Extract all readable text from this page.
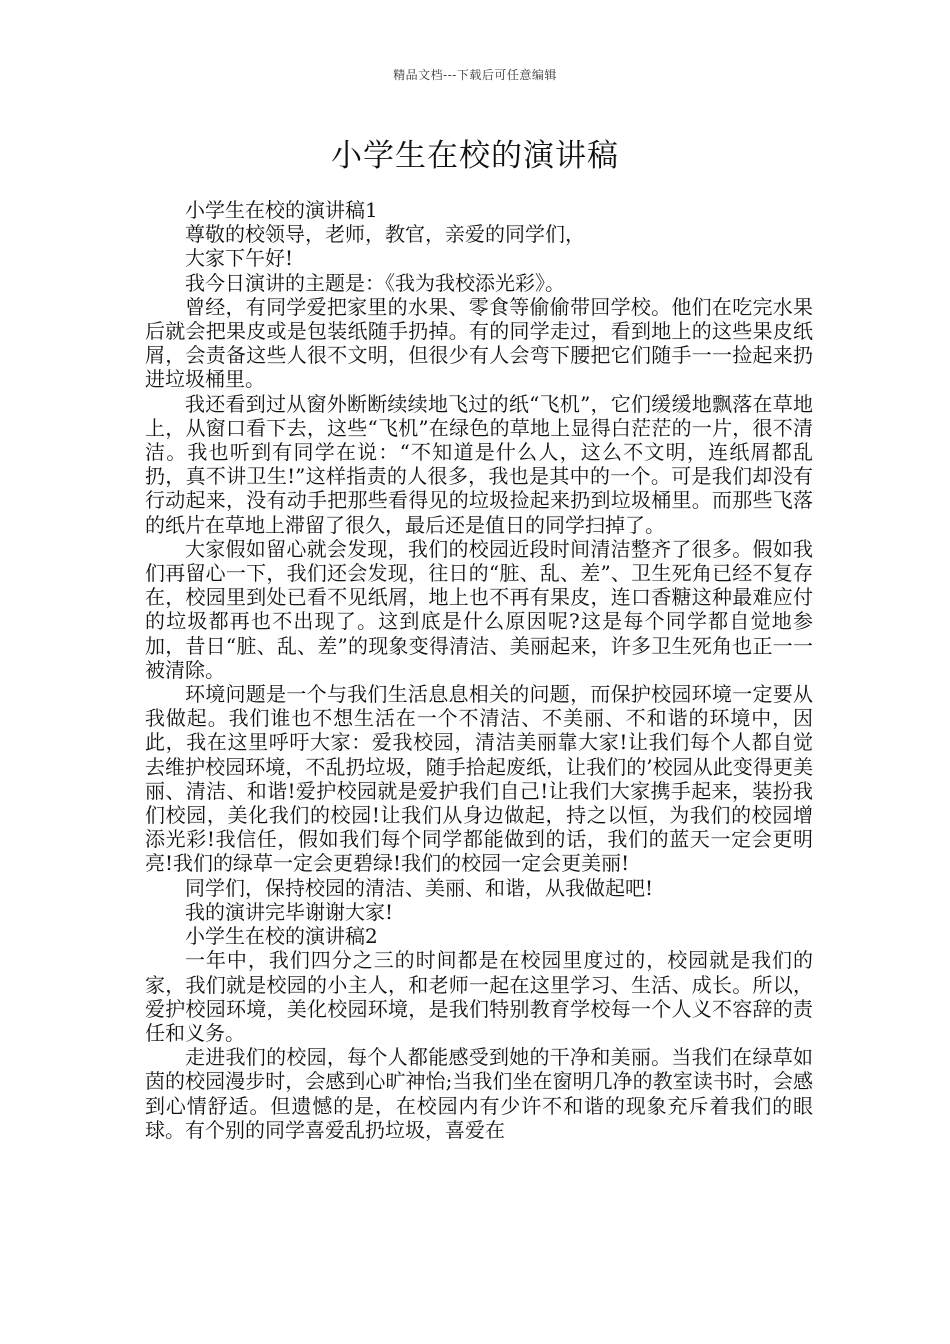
精品文档---下载后可任意编辑
小学生在校的演讲稿

小学生在校的演讲稿1

尊敬的校领导，老师，教官，亲爱的同学们，

大家下午好!

我今日演讲的主题是：《我为我校添光彩》。

曾经，有同学爱把家里的水果、零食等偷偷带回学校。他们在吃完水果后就会把果皮或是包装纸随手扔掉。有的同学走过，看到地上的这些果皮纸屑，会责备这些人很不文明，但很少有人会弯下腰把它们随手一一捡起来扔进垃圾桶里。

我还看到过从窗外断断续续地飞过的纸“飞机”，它们缓缓地飘落在草地上，从窗口看下去，这些“飞机”在绿色的草地上显得白茫茫的一片，很不清洁。我也听到有同学在说：“不知道是什么人，这么不文明，连纸屑都乱扔，真不讲卫生!”这样指责的人很多，我也是其中的一个。可是我们却没有行动起来，没有动手把那些看得见的垃圾捡起来扔到垃圾桶里。而那些飞落的纸片在草地上滞留了很久，最后还是值日的同学扫掉了。

大家假如留心就会发现，我们的校园近段时间清洁整齐了很多。假如我们再留心一下，我们还会发现，往日的“脏、乱、差”、卫生死角已经不复存在，校园里到处已看不见纸屑，地上也不再有果皮，连口香糖这种最难应付的垃圾都再也不出现了。这到底是什么原因呢?这是每个同学都自觉地参加，昔日“脏、乱、差”的现象变得清洁、美丽起来，许多卫生死角也正一一被清除。

环境问题是一个与我们生活息息相关的问题，而保护校园环境一定要从我做起。我们谁也不想生活在一个不清洁、不美丽、不和谐的环境中，因此，我在这里呼吁大家：爱我校园，清洁美丽靠大家!让我们每个人都自觉去维护校园环境，不乱扔垃圾，随手拾起废纸，让我们的’校园从此变得更美丽、清洁、和谐!爱护校园就是爱护我们自己!让我们大家携手起来，装扮我们校园，美化我们的校园!让我们从身边做起，持之以恒，为我们的校园增添光彩!我信任，假如我们每个同学都能做到的话，我们的蓝天一定会更明亮!我们的绿草一定会更碧绿!我们的校园一定会更美丽!

同学们，保持校园的清洁、美丽、和谐，从我做起吧!

我的演讲完毕谢谢大家!

小学生在校的演讲稿2

一年中，我们四分之三的时间都是在校园里度过的，校园就是我们的家，我们就是校园的小主人，和老师一起在这里学习、生活、成长。所以，爱护校园环境，美化校园环境，是我们特别教育学校每一个人义不容辞的责任和义务。

走进我们的校园，每个人都能感受到她的干净和美丽。当我们在绿草如茵的校园漫步时，会感到心旷神怡;当我们坐在窗明几净的教室读书时，会感到心情舒适。但遗憾的是，在校园内有少许不和谐的现象充斥着我们的眼球。有个别的同学喜爱乱扔垃圾，喜爱在
